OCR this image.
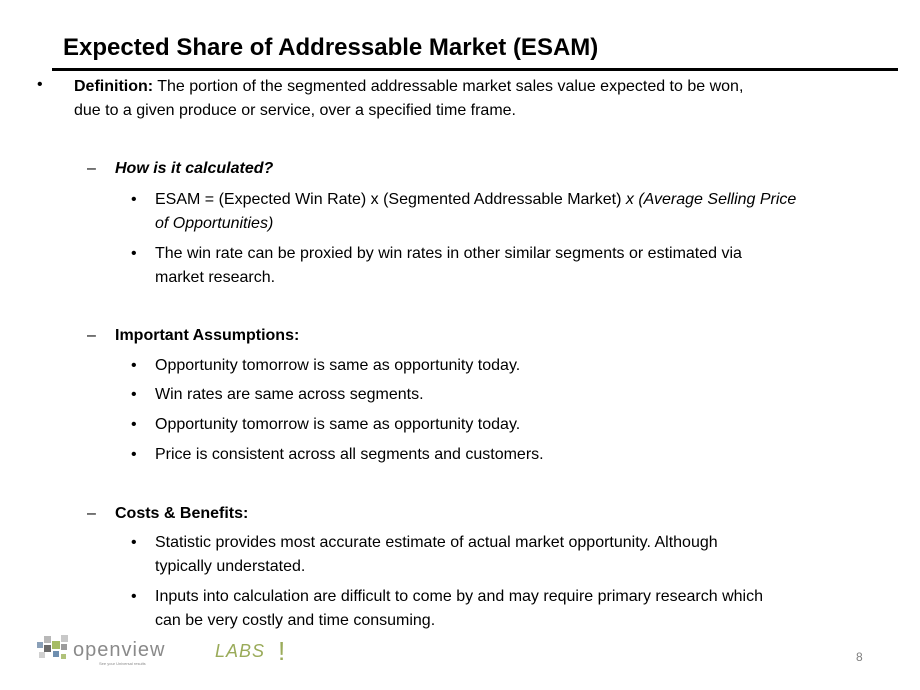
Expected Share of Addressable Market (ESAM)
• Definition: The portion of the segmented addressable market sales value expected to be won,
due to a given produce or service, over a specified time frame.
– How is it calculated?
• ESAM = (Expected Win Rate) x (Segmented Addressable Market) x (Average Selling Price
of Opportunities)
• The win rate can be proxied by win rates in other similar segments or estimated via
market research.
– Important Assumptions:
• Opportunity tomorrow is same as opportunity today.
• Win rates are same across segments.
• Opportunity tomorrow is same as opportunity today.
• Price is consistent across all segments and customers.
– Costs & Benefits:
• Statistic provides most accurate estimate of actual market opportunity. Although
typically understated.
• Inputs into calculation are difficult to come by and may require primary research which
can be very costly and time consuming.
openview	LABS !
See your Universal results	8
